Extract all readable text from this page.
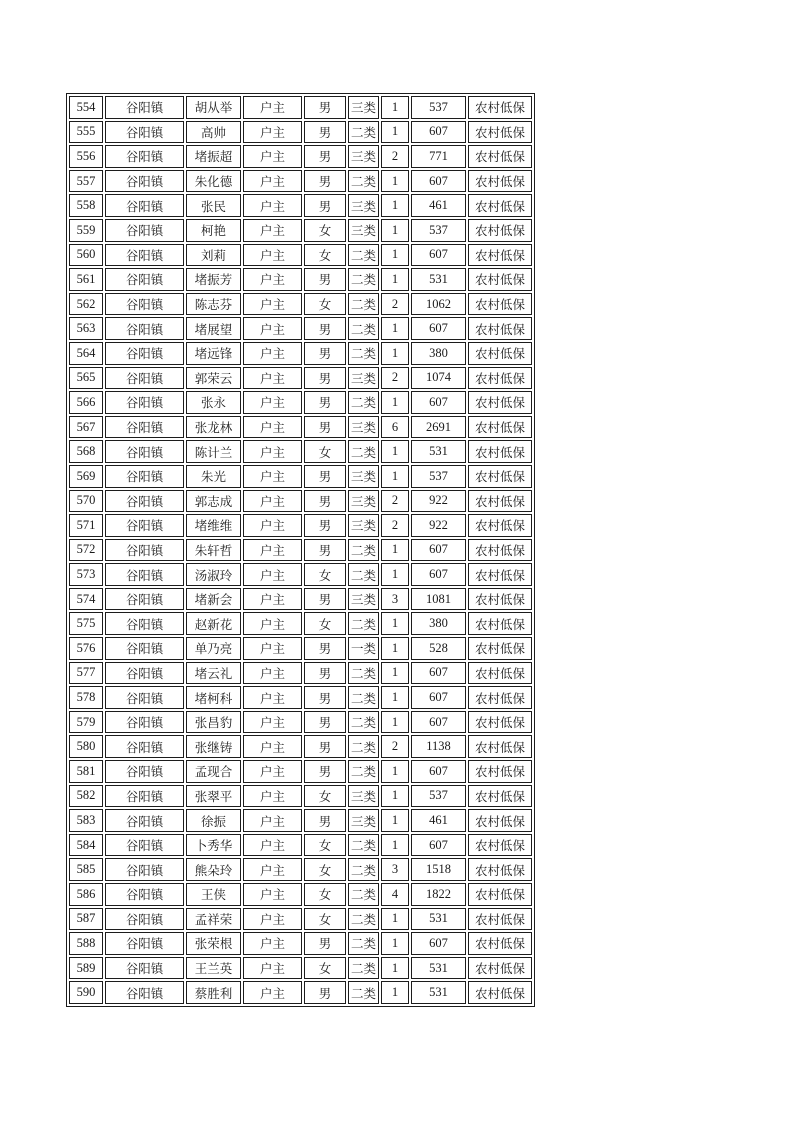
554	谷阳镇	胡从举	户主	男	三类	1	537	农村低保
555	谷阳镇	高帅	户主	男	二类	1	607	农村低保
556	谷阳镇	堵振超	户主	男	三类	2	771	农村低保
557	谷阳镇	朱化德	户主	男	二类	1	607	农村低保
558	谷阳镇	张民	户主	男	三类	1	461	农村低保
559	谷阳镇	柯艳	户主	女	三类	1	537	农村低保
560	谷阳镇	刘莉	户主	女	二类	1	607	农村低保
561	谷阳镇	堵振芳	户主	男	二类	1	531	农村低保
562	谷阳镇	陈志芬	户主	女	二类	2	1062	农村低保
563	谷阳镇	堵展望	户主	男	二类	1	607	农村低保
564	谷阳镇	堵远锋	户主	男	二类	1	380	农村低保
565	谷阳镇	郭荣云	户主	男	三类	2	1074	农村低保
566	谷阳镇	张永	户主	男	二类	1	607	农村低保
567	谷阳镇	张龙林	户主	男	三类	6	2691	农村低保
568	谷阳镇	陈计兰	户主	女	二类	1	531	农村低保
569	谷阳镇	朱光	户主	男	三类	1	537	农村低保
570	谷阳镇	郭志成	户主	男	三类	2	922	农村低保
571	谷阳镇	堵维维	户主	男	三类	2	922	农村低保
572	谷阳镇	朱轩哲	户主	男	二类	1	607	农村低保
573	谷阳镇	汤淑玲	户主	女	二类	1	607	农村低保
574	谷阳镇	堵新会	户主	男	三类	3	1081	农村低保
575	谷阳镇	赵新花	户主	女	二类	1	380	农村低保
576	谷阳镇	单乃亮	户主	男	一类	1	528	农村低保
577	谷阳镇	堵云礼	户主	男	二类	1	607	农村低保
578	谷阳镇	堵柯科	户主	男	二类	1	607	农村低保
579	谷阳镇	张昌豹	户主	男	二类	1	607	农村低保
580	谷阳镇	张继铸	户主	男	二类	2	1138	农村低保
581	谷阳镇	孟现合	户主	男	二类	1	607	农村低保
582	谷阳镇	张翠平	户主	女	三类	1	537	农村低保
583	谷阳镇	徐振	户主	男	三类	1	461	农村低保
584	谷阳镇	卜秀华	户主	女	二类	1	607	农村低保
585	谷阳镇	熊朵玲	户主	女	二类	3	1518	农村低保
586	谷阳镇	王侠	户主	女	二类	4	1822	农村低保
587	谷阳镇	孟祥荣	户主	女	二类	1	531	农村低保
588	谷阳镇	张荣根	户主	男	二类	1	607	农村低保
589	谷阳镇	王兰英	户主	女	二类	1	531	农村低保
590	谷阳镇	蔡胜利	户主	男	二类	1	531	农村低保
